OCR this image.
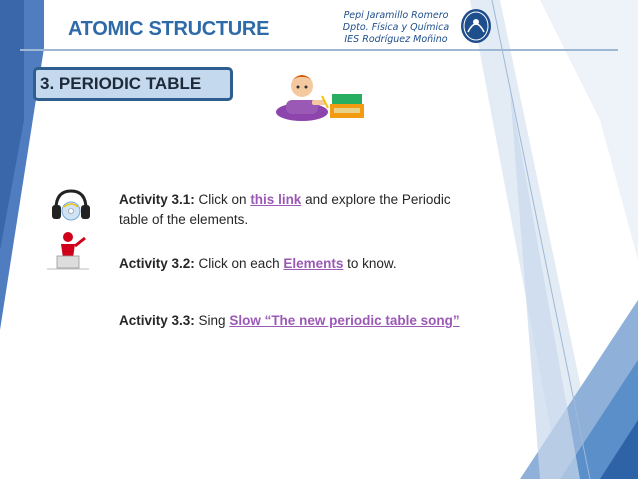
ATOMIC STRUCTURE
Pepi Jaramillo Romero
Dpto. Física y Química
IES Rodríguez Moñino
3. PERIODIC TABLE
Activity 3.1: Click on this link and explore the Periodic
table of the elements.
Activity 3.2: Click on each Elements to know.
Activity 3.3: Sing Slow “The new periodic table song”
